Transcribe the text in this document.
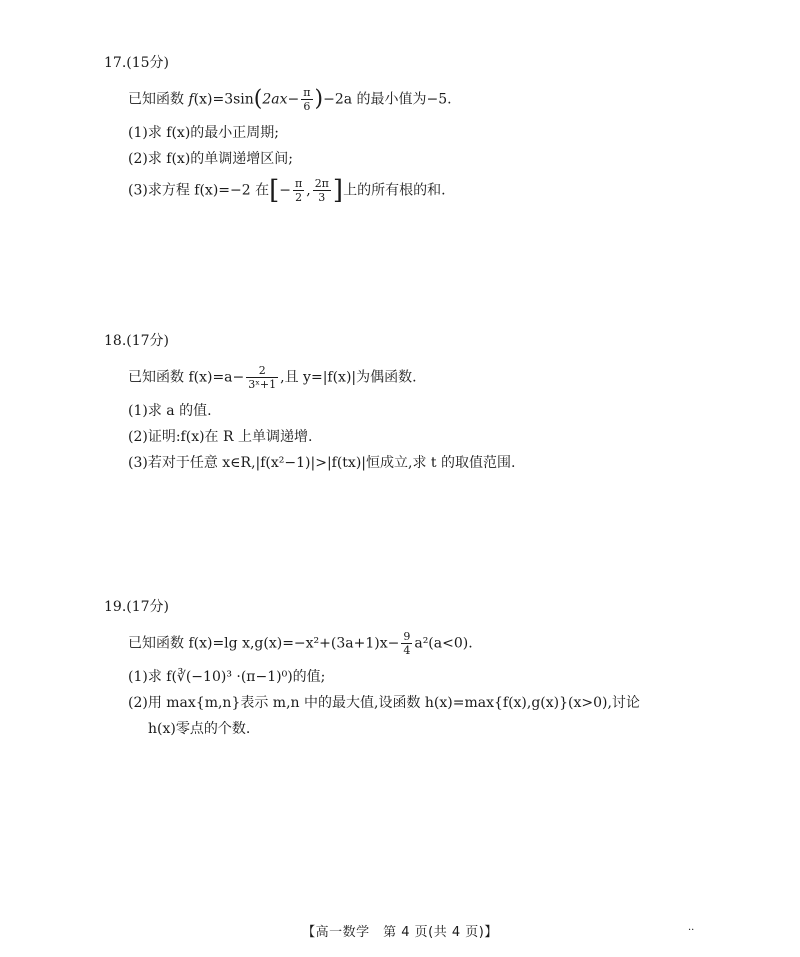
17.(15分)
已知函数 $f(x)=3\sin(2ax- \frac{\pi}{6} )-2a$ 的最小值为−5.
(1)求 f(x)的最小正周期;
(2)求 f(x)的单调递增区间;
(3)求方程 f(x)=−2 在[− $\frac{\pi}{2}$ , $\frac{2\pi}{3}$ ]上的所有根的和.
18.(17分)
已知函数 $f(x)=a- \frac{2}{\text{3ˣ+1}}$ ,且 y=|f(x)|为偶函数.
(1)求 a 的值.
(2)证明:f(x)在 R 上单调递增.
(3)若对于任意 x∈R,|f(x²−1)|>|f(tx)|恒成立,求 t 的取值范围.
19.(17分)
已知函数 f(x)=lg $x,g(x)=-x^2+(3a+1)x- \frac{9}{4} a^2(a<0)$.
(1)求 f(∛(−10)³ ·(π−1)⁰)的值;
(2)用 max{m,n}表示 m,n 中的最大值,设函数 h(x)=max{f(x),g(x)}(x>0),讨论
h(x)零点的个数.
【高一数学　第 4 页(共 4 页)】	··
